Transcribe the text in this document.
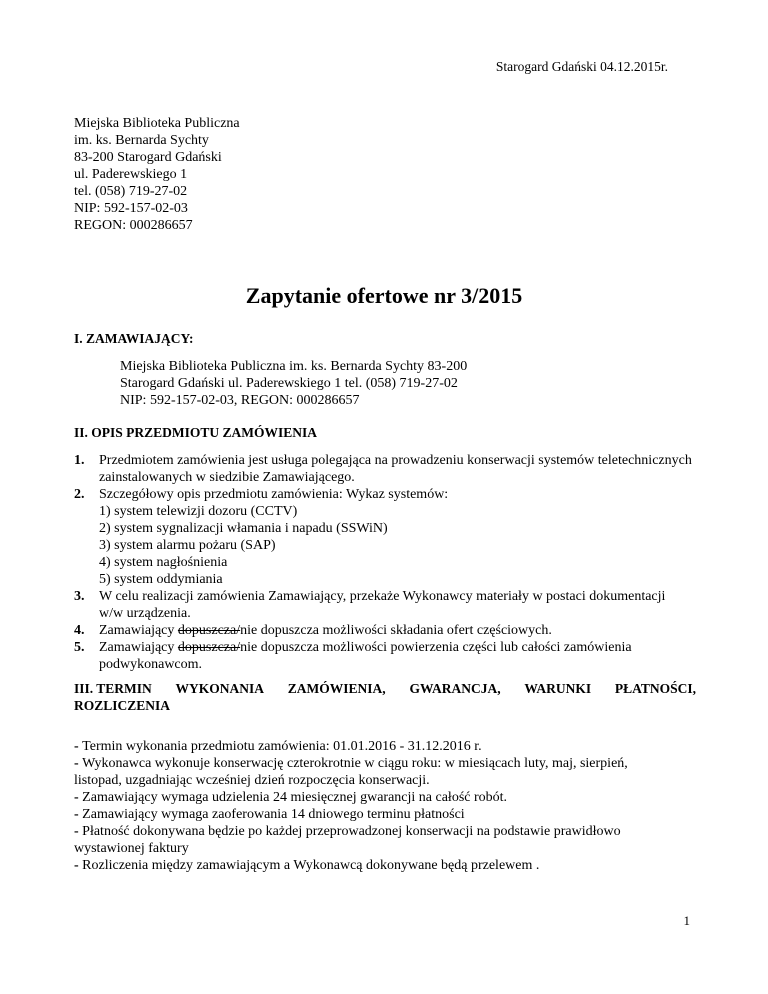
Starogard Gdański 04.12.2015r.
Miejska Biblioteka Publiczna
im. ks. Bernarda Sychty
83-200 Starogard Gdański
ul. Paderewskiego 1
tel. (058) 719-27-02
NIP: 592-157-02-03
REGON: 000286657
Zapytanie ofertowe nr 3/2015
I. ZAMAWIAJĄCY:
Miejska Biblioteka Publiczna im. ks. Bernarda Sychty 83-200
Starogard Gdański ul. Paderewskiego 1 tel. (058) 719-27-02
NIP: 592-157-02-03, REGON: 000286657
II. OPIS PRZEDMIOTU ZAMÓWIENIA
1. Przedmiotem zamówienia jest usługa polegająca na prowadzeniu konserwacji systemów teletechnicznych
zainstalowanych w siedzibie Zamawiającego.
2. Szczegółowy opis przedmiotu zamówienia: Wykaz systemów:
1) system telewizji dozoru (CCTV)
2) system sygnalizacji włamania i napadu (SSWiN)
3) system alarmu pożaru (SAP)
4) system nagłośnienia
5) system oddymiania
3. W celu realizacji zamówienia Zamawiający, przekaże Wykonawcy materiały w postaci dokumentacji
w/w urządzenia.
4. Zamawiający dopuszcza/nie dopuszcza możliwości składania ofert częściowych.
5. Zamawiający dopuszcza/nie dopuszcza możliwości powierzenia części lub całości zamówienia
podwykonawcom.
III. TERMIN WYKONANIA ZAMÓWIENIA, GWARANCJA, WARUNKI PŁATNOŚCI,
ROZLICZENIA
- Termin wykonania przedmiotu zamówienia: 01.01.2016 - 31.12.2016 r.
- Wykonawca wykonuje konserwację czterokrotnie w ciągu roku: w miesiącach luty, maj, sierpień,
listopad, uzgadniając wcześniej dzień rozpoczęcia konserwacji.
- Zamawiający wymaga udzielenia 24 miesięcznej gwarancji na całość robót.
- Zamawiający wymaga zaoferowania 14 dniowego terminu płatności
- Płatność dokonywana będzie po każdej przeprowadzonej konserwacji na podstawie prawidłowo
wystawionej faktury
- Rozliczenia między zamawiającym a Wykonawcą dokonywane będą przelewem .
1
